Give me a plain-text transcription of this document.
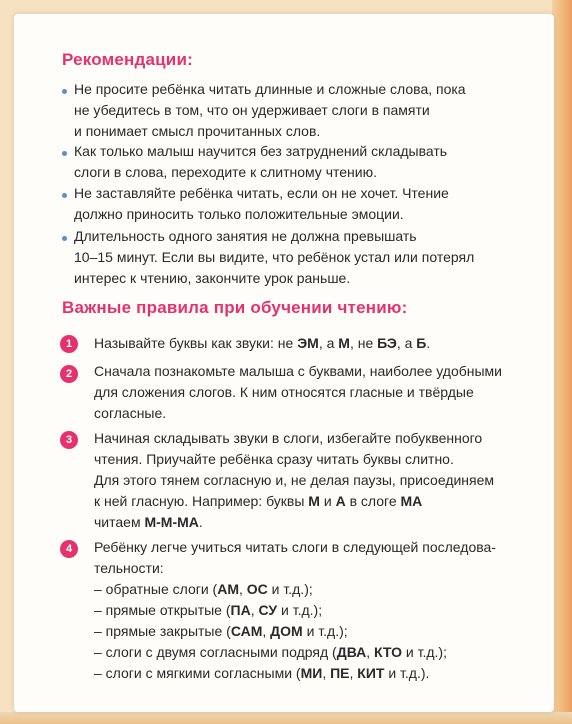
Рекомендации:
Не просите ребёнка читать длинные и сложные слова, пока
не убедитесь в том, что он удерживает слоги в памяти
и понимает смысл прочитанных слов.
Как только малыш научится без затруднений складывать
слоги в слова, переходите к слитному чтению.
Не заставляйте ребёнка читать, если он не хочет. Чтение
должно приносить только положительные эмоции.
Длительность одного занятия не должна превышать
10–15 минут. Если вы видите, что ребёнок устал или потерял
интерес к чтению, закончите урок раньше.
Важные правила при обучении чтению:
1	Называйте буквы как звуки: не ЭМ, а М, не БЭ, а Б.
2	Сначала познакомьте малыша с буквами, наиболее удобными
для сложения слогов. К ним относятся гласные и твёрдые
согласные.
3	Начиная складывать звуки в слоги, избегайте побуквенного
чтения. Приучайте ребёнка сразу читать буквы слитно.
Для этого тянем согласную и, не делая паузы, присоединяем
к ней гласную. Например: буквы М и А в слоге МА
читаем М-М-МА.
4	Ребёнку легче учиться читать слоги в следующей последова-
тельности:
– обратные слоги (АМ, ОС и т.д.);
– прямые открытые (ПА, СУ и т.д.);
– прямые закрытые (САМ, ДОМ и т.д.);
– слоги с двумя согласными подряд (ДВА, КТО и т.д.);
– слоги с мягкими согласными (МИ, ПЕ, КИТ и т.д.).
